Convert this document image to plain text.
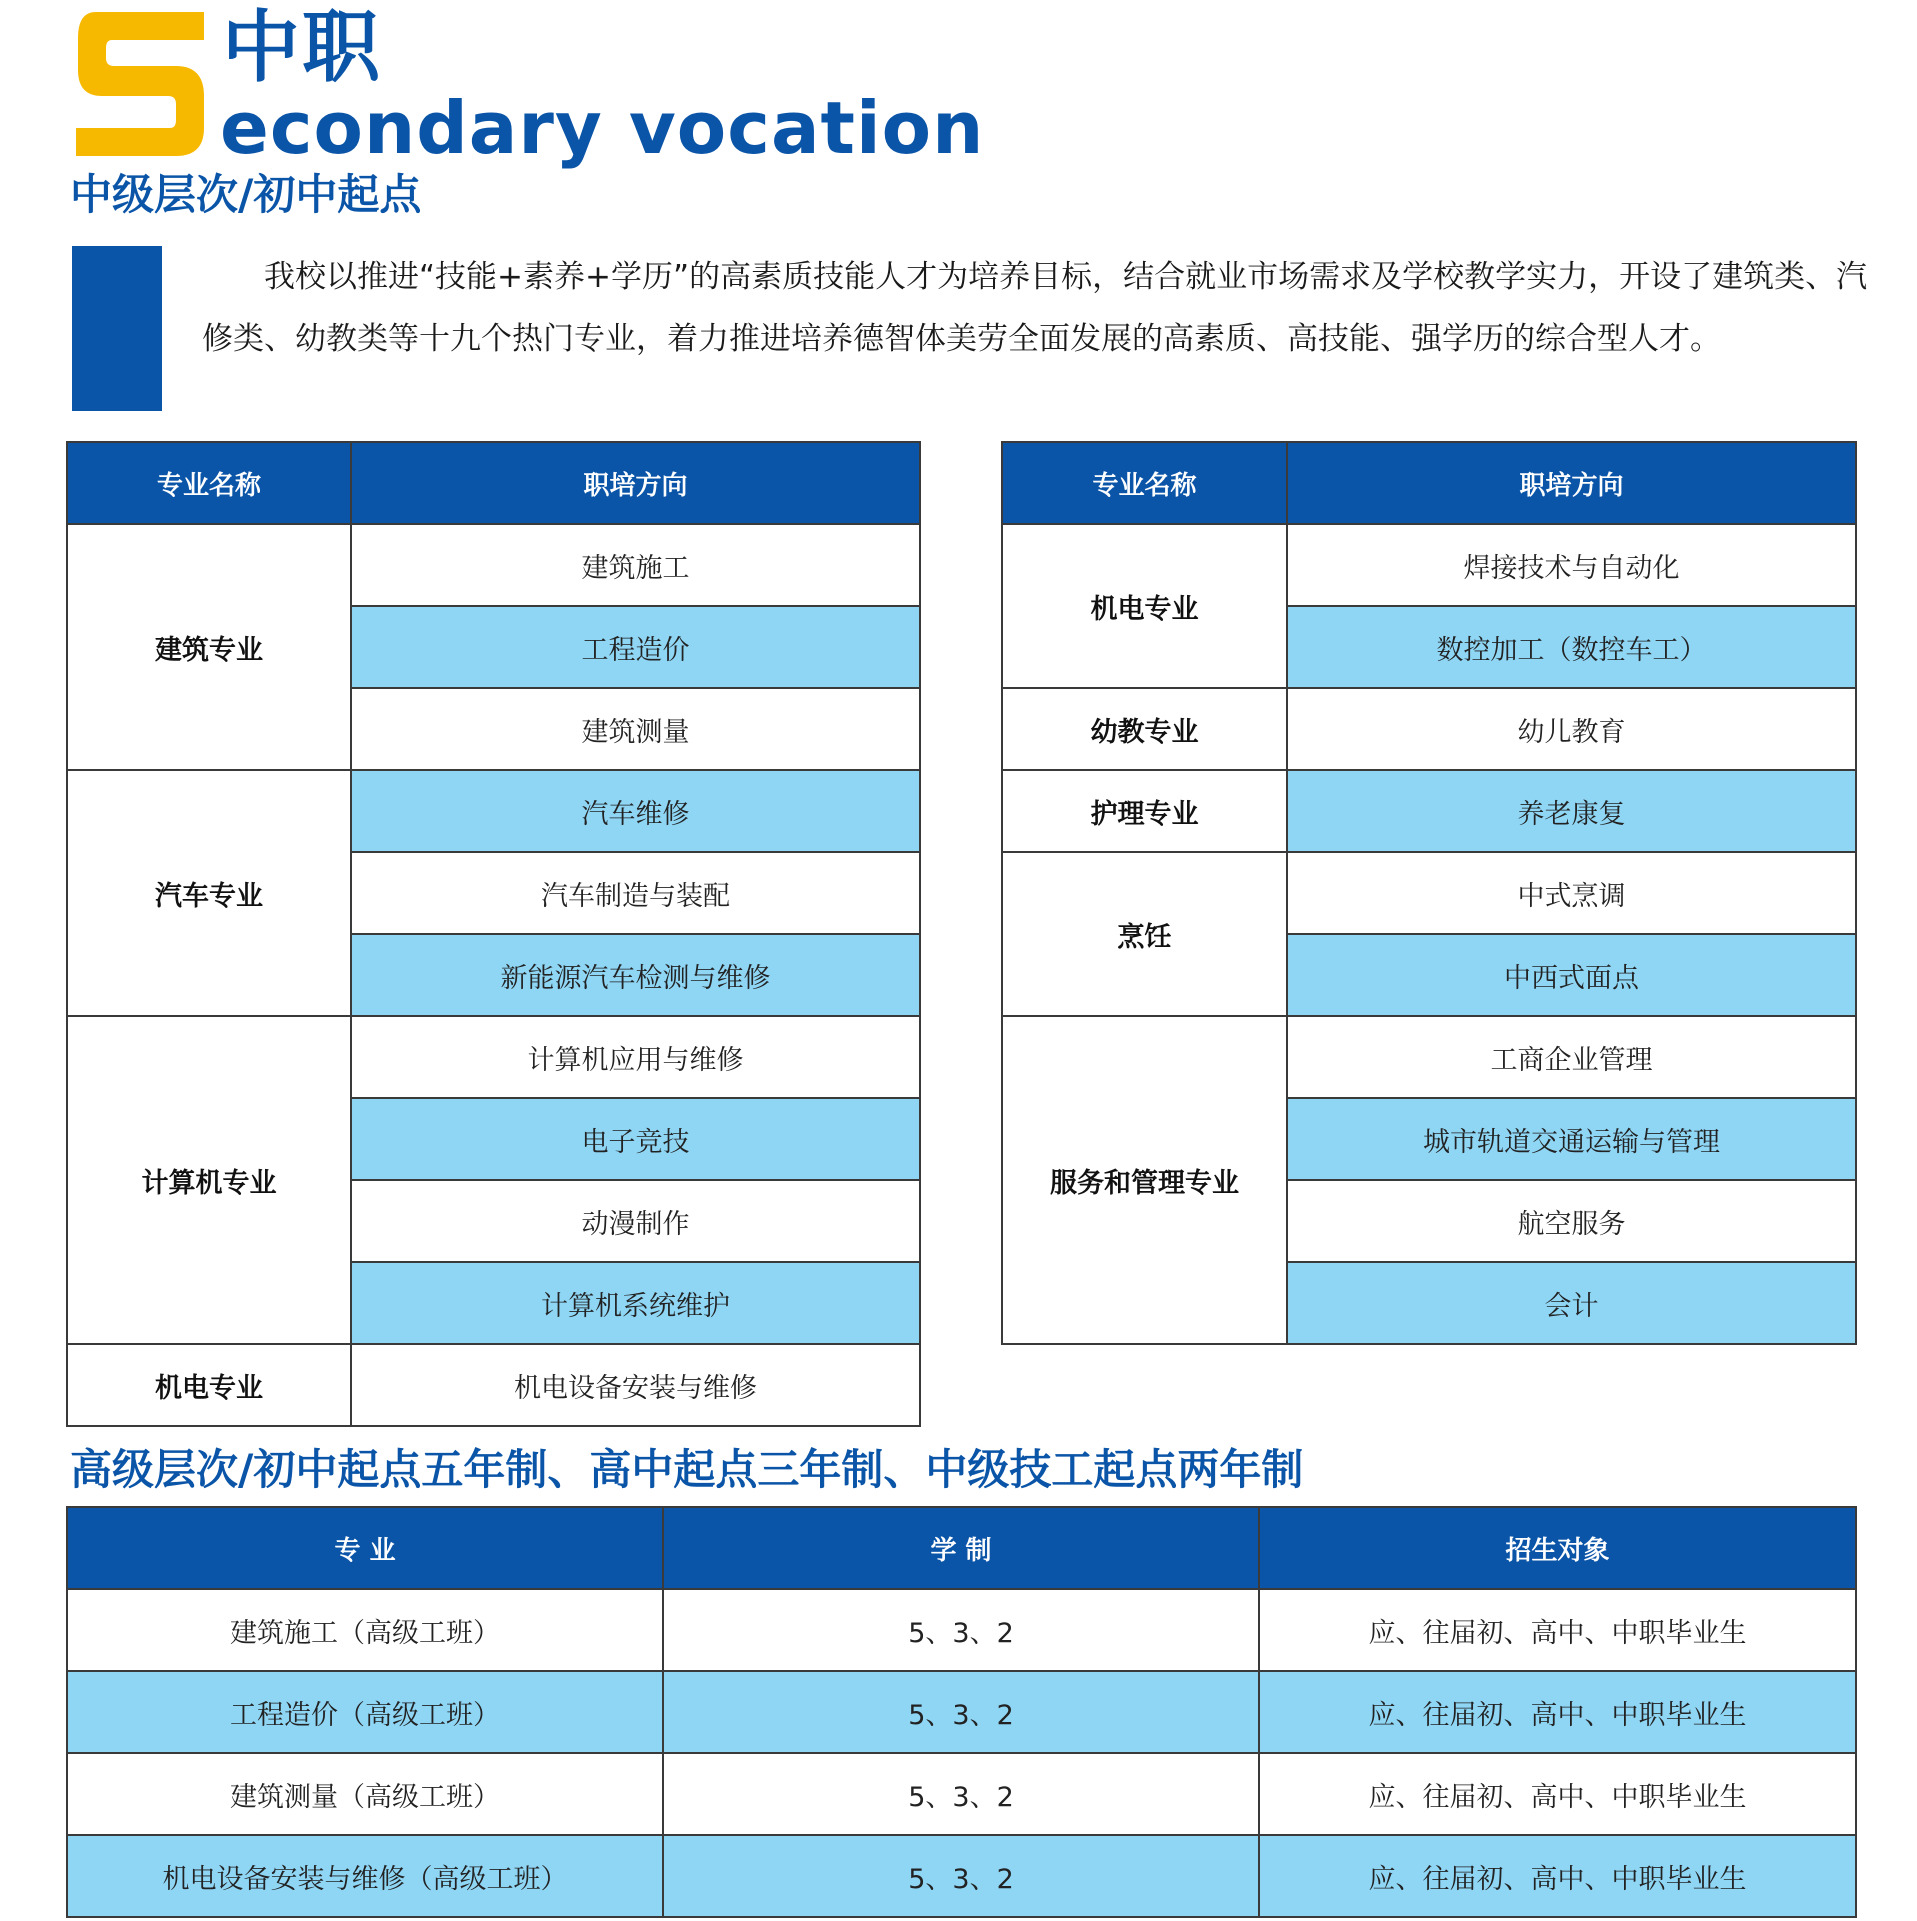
中职
econdary vocation
中级层次/初中起点

我校以推进“技能+素养+学历”的高素质技能人才为培养目标，结合就业市场需求及学校教学实力，开设了建筑类、汽修类、幼教类等十九个热门专业，着力推进培养德智体美劳全面发展的高素质、高技能、强学历的综合型人才。

专业名称	职培方向
建筑专业	建筑施工
	工程造价
	建筑测量
汽车专业	汽车维修
	汽车制造与装配
	新能源汽车检测与维修
计算机专业	计算机应用与维修
	电子竞技
	动漫制作
	计算机系统维护
机电专业	机电设备安装与维修
专业名称	职培方向
机电专业	焊接技术与自动化
	数控加工（数控车工）
幼教专业	幼儿教育
护理专业	养老康复
烹饪	中式烹调
	中西式面点
服务和管理专业	工商企业管理
	城市轨道交通运输与管理
	航空服务
	会计
高级层次/初中起点五年制、高中起点三年制、中级技工起点两年制
专 业	学 制	招生对象
建筑施工（高级工班）	5、3、2	应、往届初、高中、中职毕业生
工程造价（高级工班）	5、3、2	应、往届初、高中、中职毕业生
建筑测量（高级工班）	5、3、2	应、往届初、高中、中职毕业生
机电设备安装与维修（高级工班）	5、3、2	应、往届初、高中、中职毕业生
